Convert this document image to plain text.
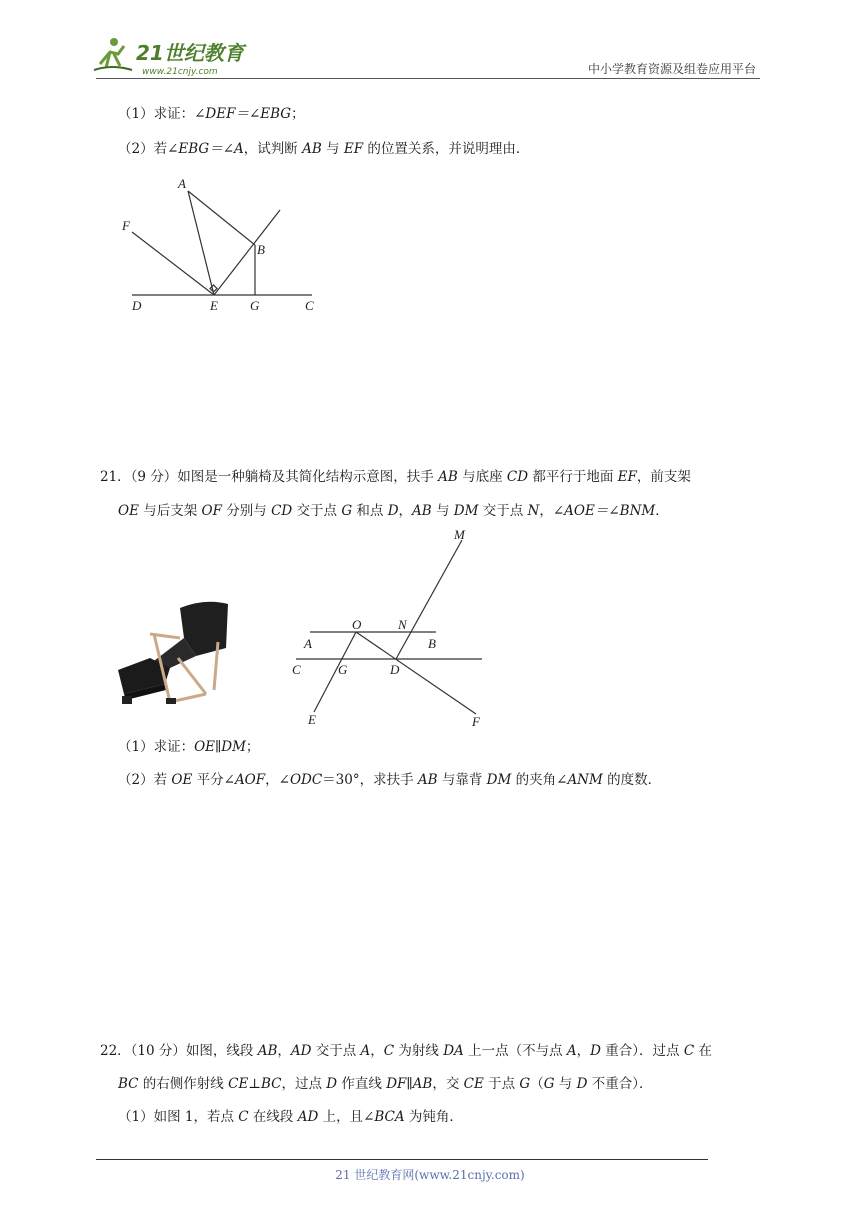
21世纪教育
www.21cnjy.com	中小学教育资源及组卷应用平台
（1）求证：∠DEF＝∠EBG；
（2）若∠EBG＝∠A，试判断 AB 与 EF 的位置关系，并说明理由．
A
F
B
D	E G	C
21．（9 分）如图是一种躺椅及其简化结构示意图，扶手 AB 与底座 CD 都平行于地面 EF，前支架
OE 与后支架 OF 分别与 CD 交于点 G 和点 D，AB 与 DM 交于点 N，∠AOE＝∠BNM．
M
O	N
A	B
C	G	D
E	F
（1）求证：OE∥DM；
（2）若 OE 平分∠AOF，∠ODC＝30°，求扶手 AB 与靠背 DM 的夹角∠ANM 的度数．
22．（10 分）如图，线段 AB，AD 交于点 A，C 为射线 DA 上一点（不与点 A，D 重合）．过点 C 在
BC 的右侧作射线 CE⊥BC，过点 D 作直线 DF∥AB，交 CE 于点 G（G 与 D 不重合）．
（1）如图 1，若点 C 在线段 AD 上，且∠BCA 为钝角．
21 世纪教育网(www.21cnjy.com)
